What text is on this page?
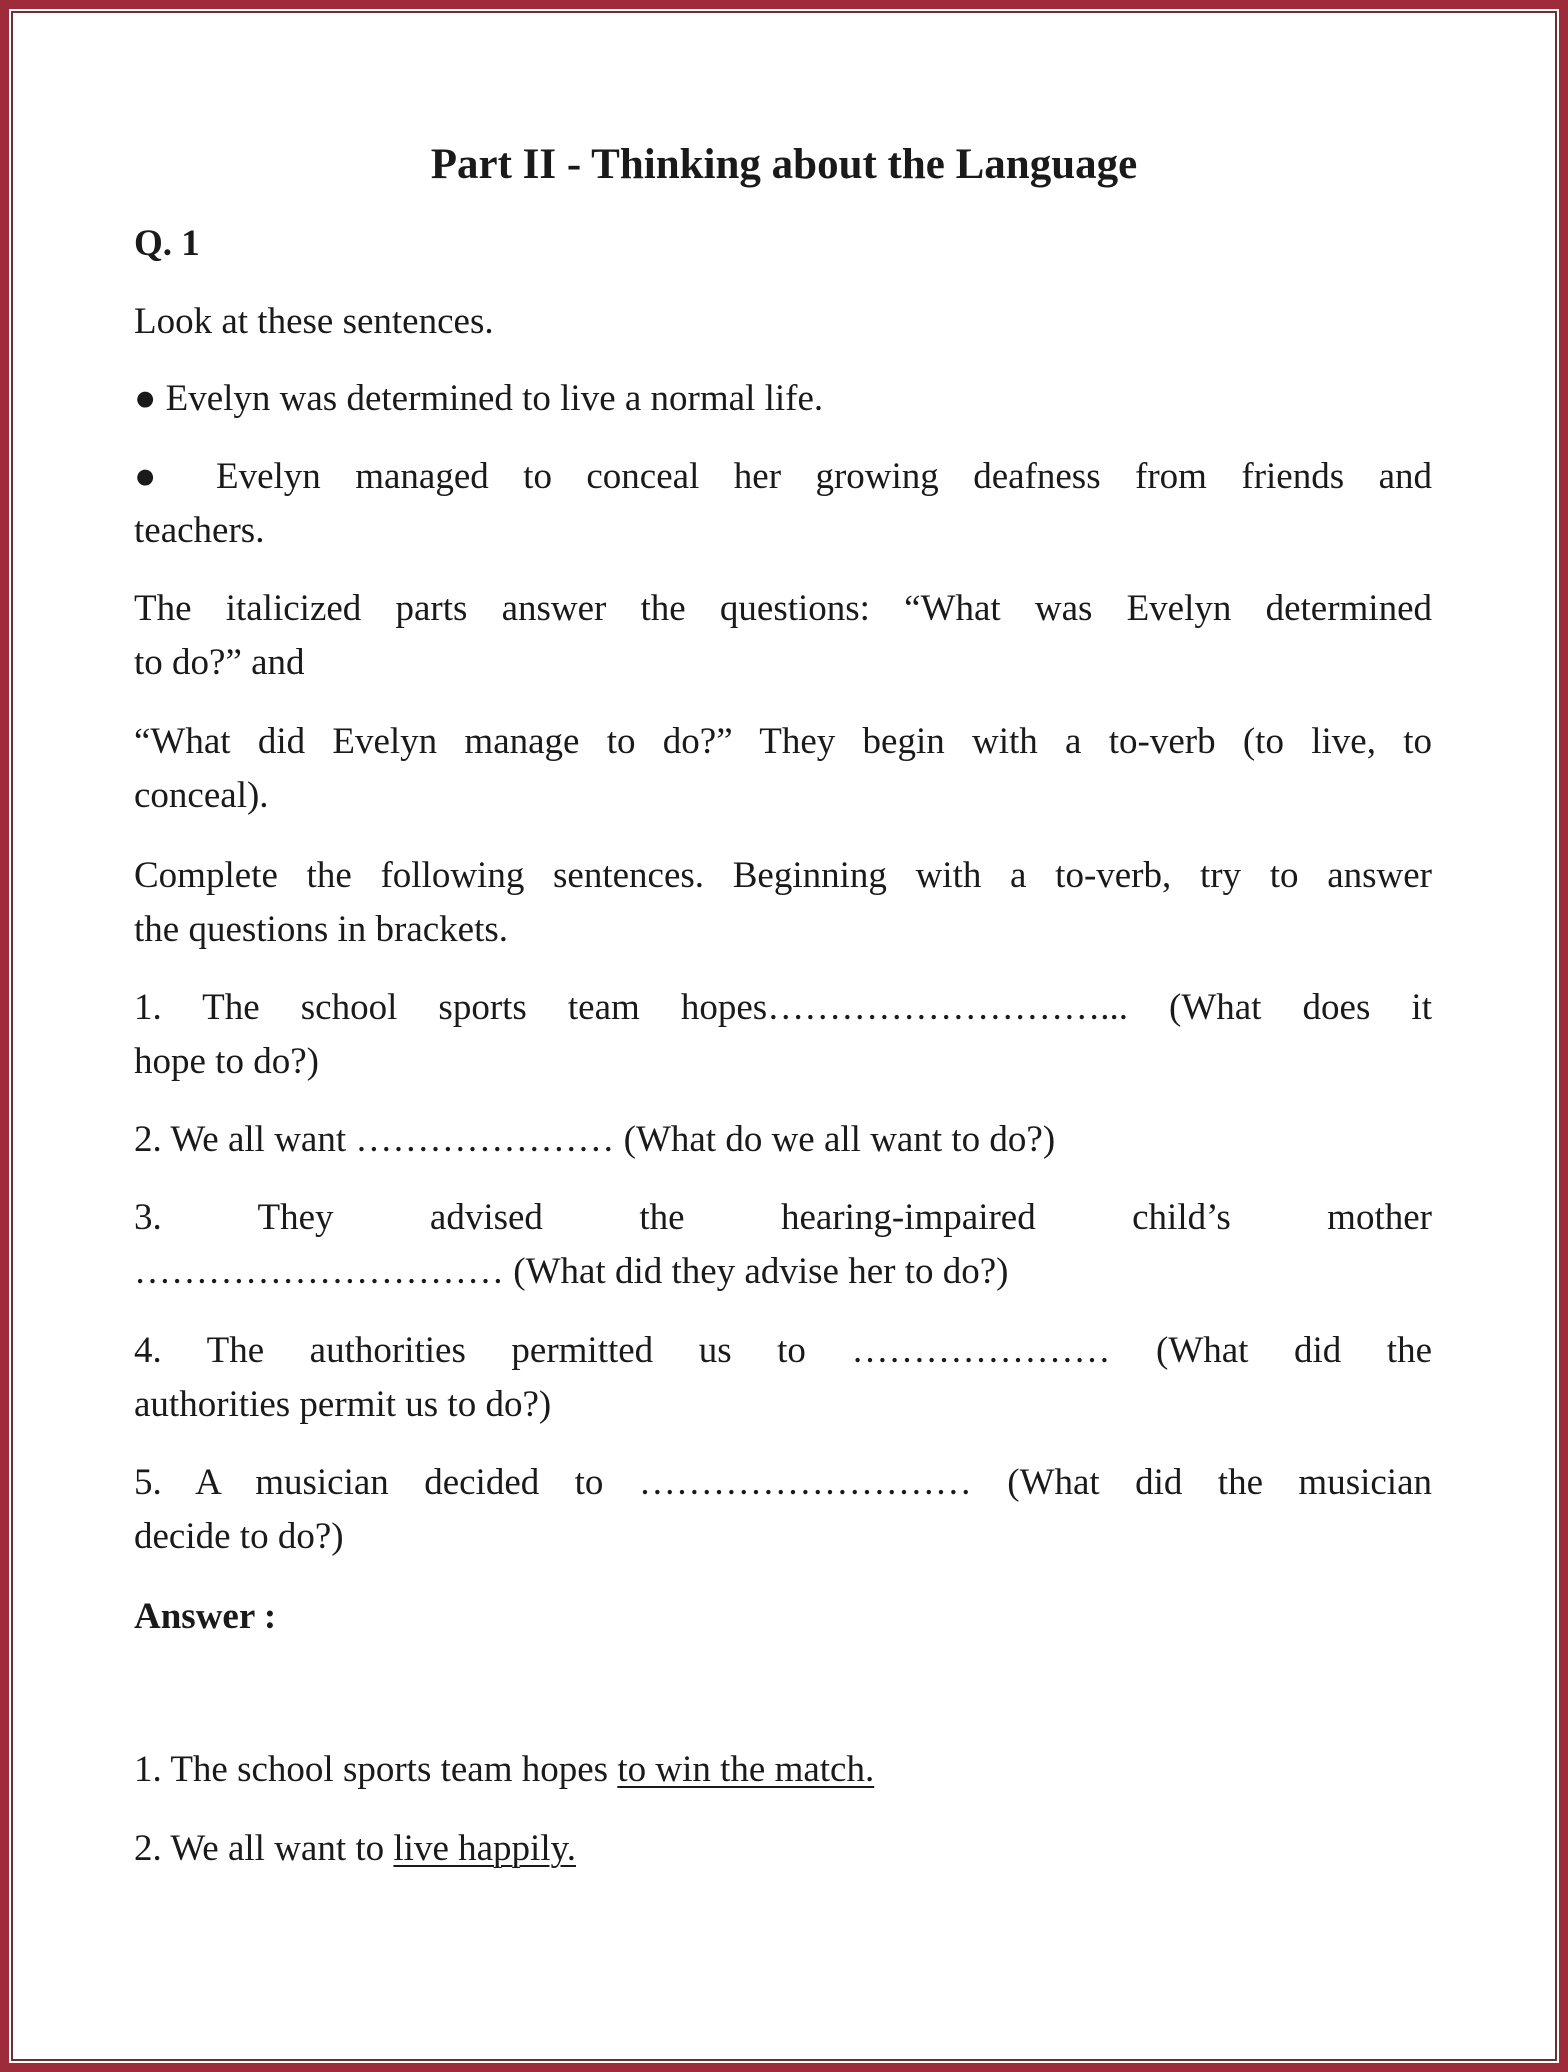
Part II - Thinking about the Language
Q. 1
Look at these sentences.
● Evelyn was determined to live a normal life.
● Evelyn managed to conceal her growing deafness from friends and
teachers.
The italicized parts answer the questions: “What was Evelyn determined
to do?” and
“What did Evelyn manage to do?” They begin with a to-verb (to live, to
conceal).
Complete the following sentences. Beginning with a to-verb, try to answer
the questions in brackets.
1. The school sports team hopes………………………... (What does it
hope to do?)
2. We all want ………………… (What do we all want to do?)
3. They advised the hearing-impaired child’s mother
………………………… (What did they advise her to do?)
4. The authorities permitted us to ………………… (What did the
authorities permit us to do?)
5. A musician decided to ……………………… (What did the musician
decide to do?)
Answer :
1. The school sports team hopes to win the match.
2. We all want to live happily.
